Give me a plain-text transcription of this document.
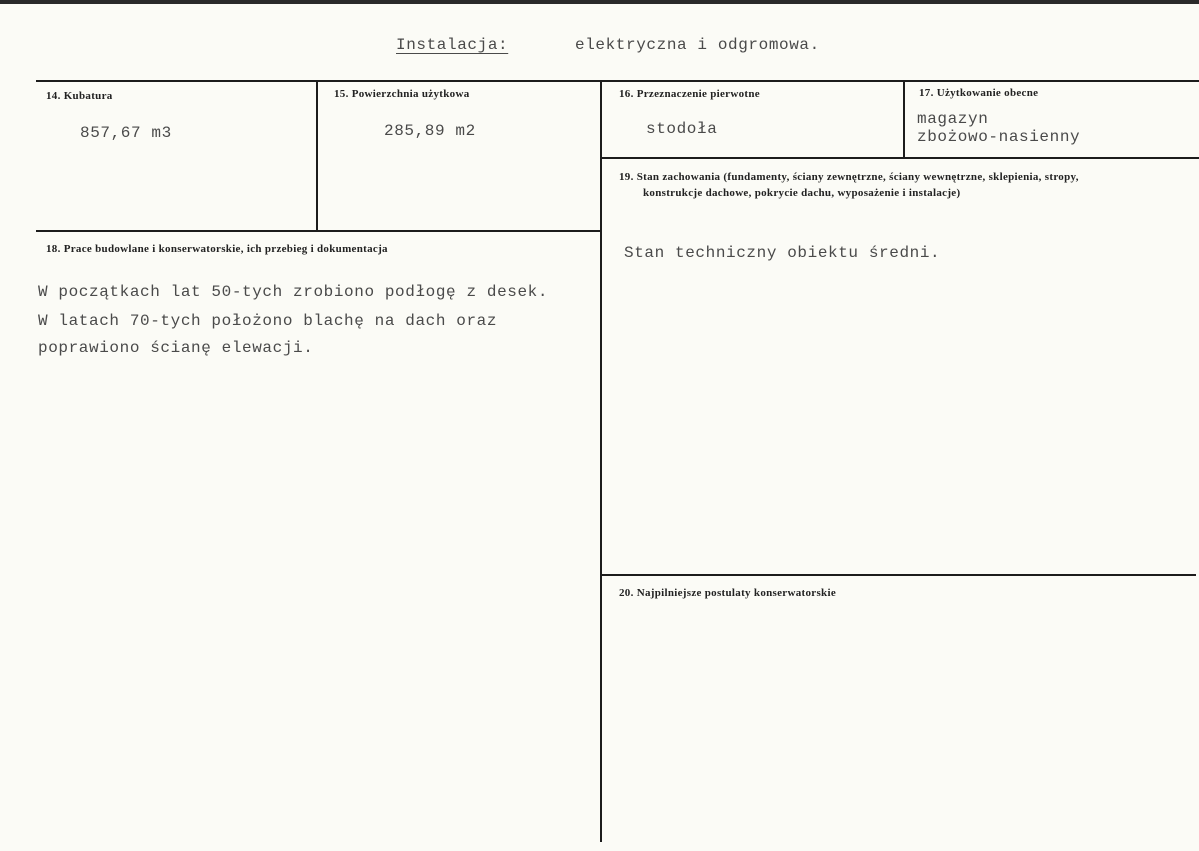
Instalacja:	elektryczna i odgromowa.
14. Kubatura
857,67 m3
15. Powierzchnia użytkowa
285,89 m2
16. Przeznaczenie pierwotne
stodoła
17. Użytkowanie obecne
magazyn
zbożowo-nasienny
18. Prace budowlane i konserwatorskie, ich przebieg i dokumentacja
W początkach lat 50-tych zrobiono podłogę z desek.
W latach 70-tych położono blachę na dach oraz
poprawiono ścianę elewacji.
19. Stan zachowania (fundamenty, ściany zewnętrzne, ściany wewnętrzne, sklepienia, stropy,
konstrukcje dachowe, pokrycie dachu, wyposażenie i instalacje)
Stan techniczny obiektu średni.
20. Najpilniejsze postulaty konserwatorskie
